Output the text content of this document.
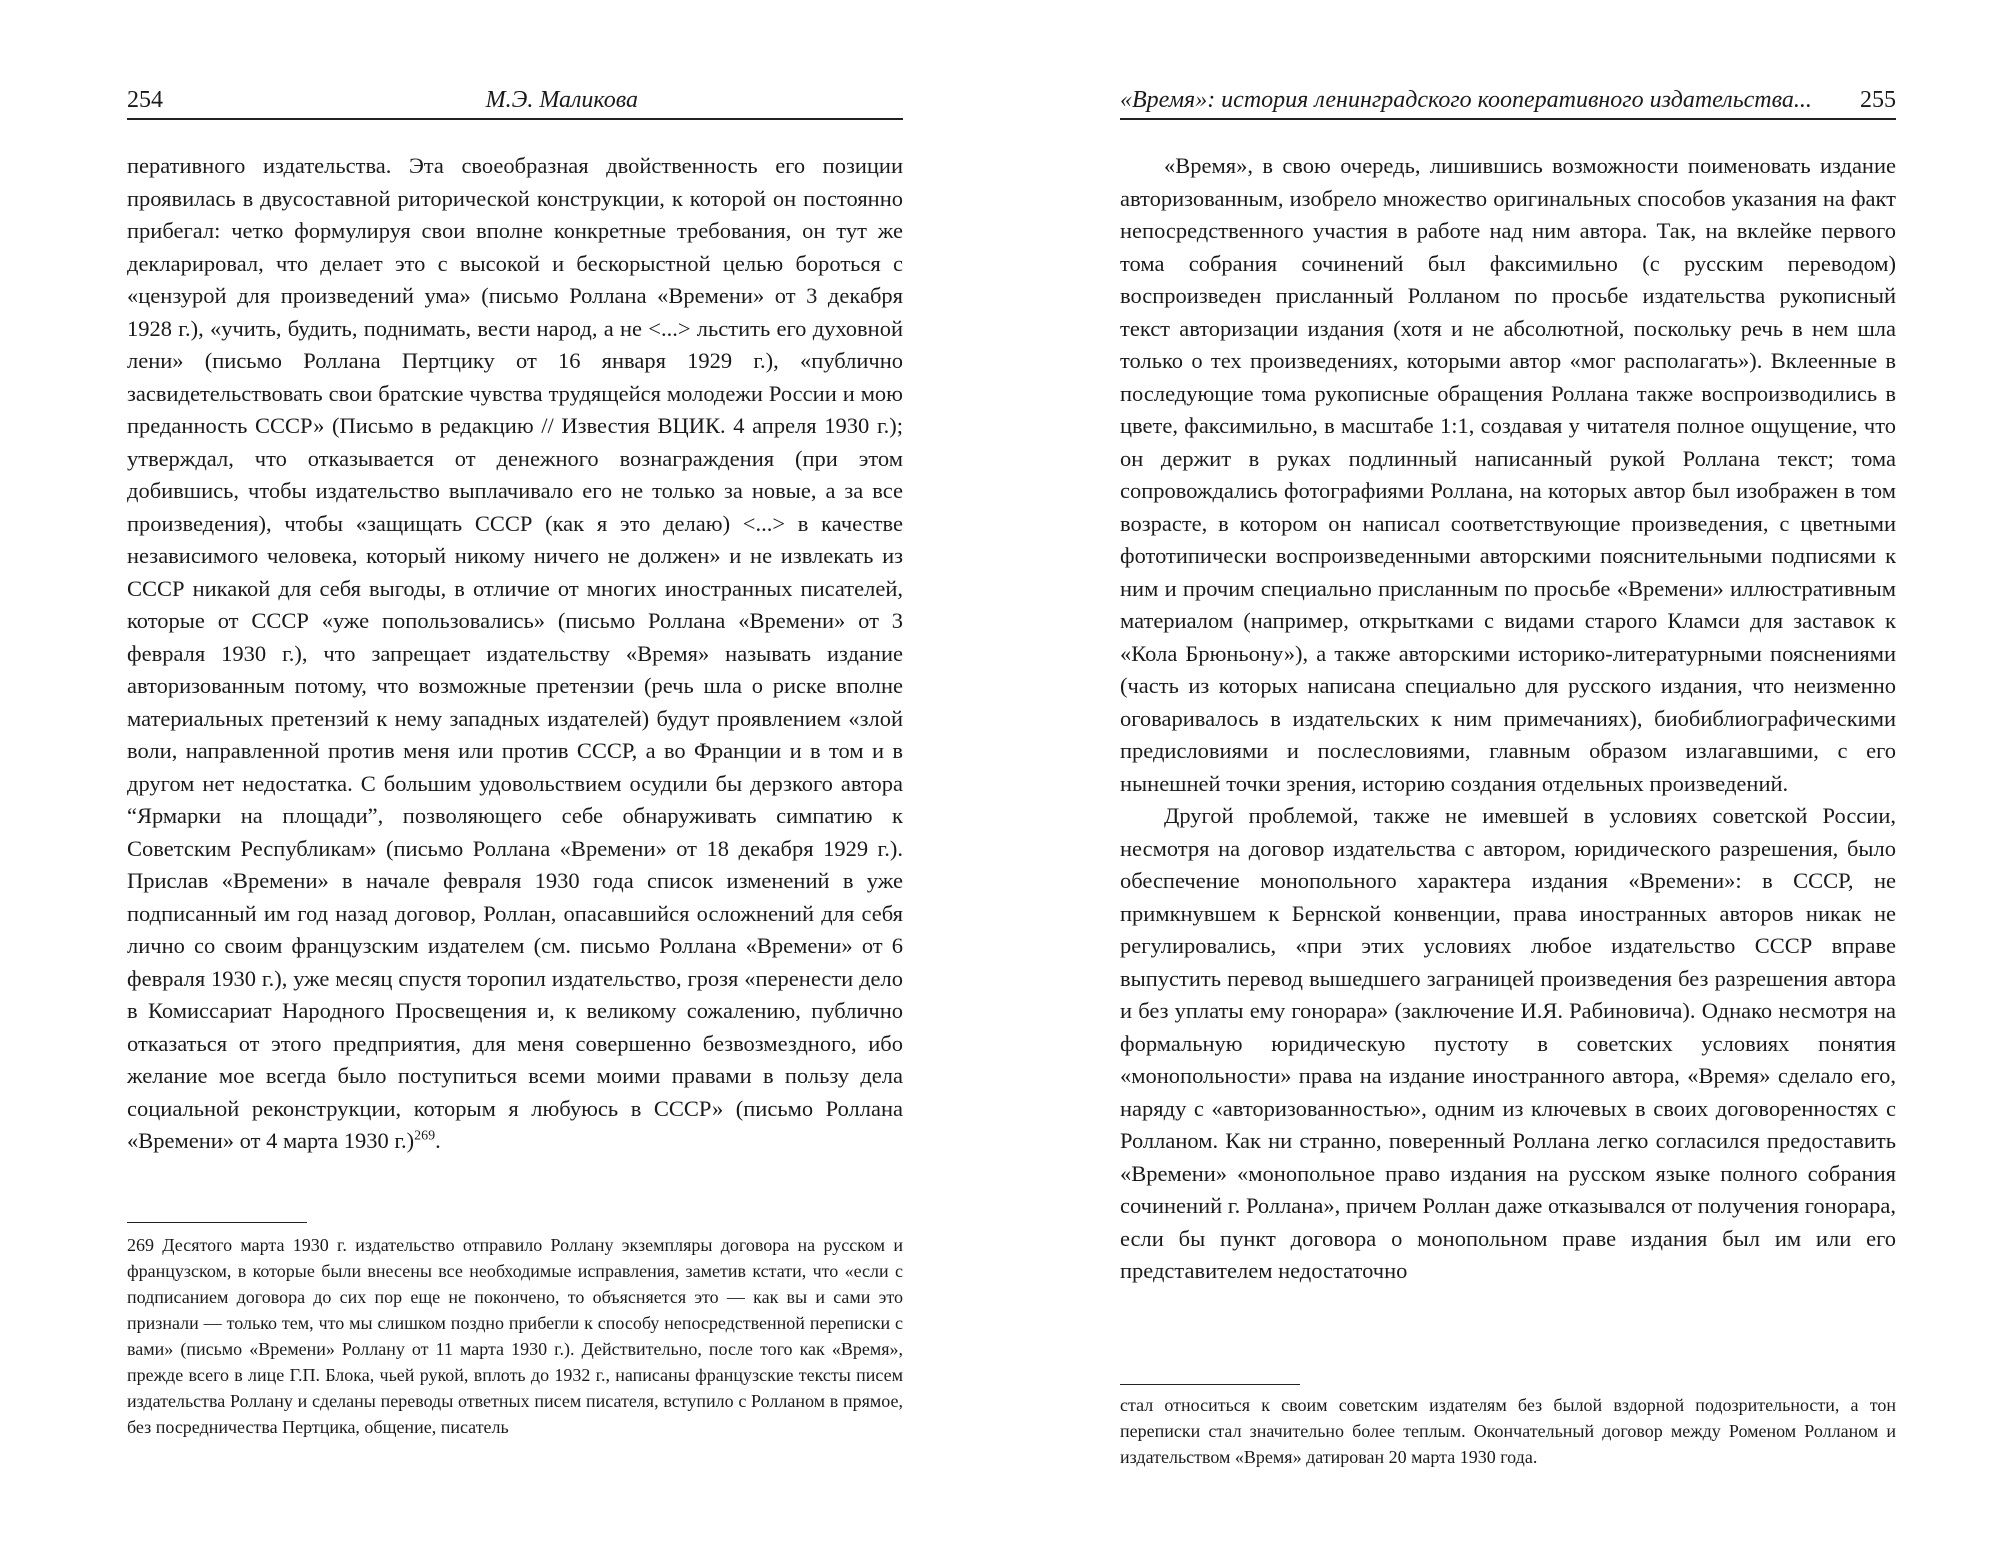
254	М.Э. Маликова

перативного издательства. Эта своеобразная двойственность его позиции проявилась в двусоставной риторической конструкции, к которой он постоянно прибегал: четко формулируя свои вполне конкретные требования, он тут же декларировал, что делает это с высокой и бескорыстной целью бороться с «цензурой для произведений ума» (письмо Роллана «Времени» от 3 декабря 1928 г.), «учить, будить, поднимать, вести народ, а не <...> льстить его духовной лени» (письмо Роллана Пертцику от 16 января 1929 г.), «публично засвидетельствовать свои братские чувства трудящейся молодежи России и мою преданность СССР» (Письмо в редакцию // Известия ВЦИК. 4 апреля 1930 г.); утверждал, что отказывается от денежного вознаграждения (при этом добившись, чтобы издательство выплачивало его не только за новые, а за все произведения), чтобы «защищать СССР (как я это делаю) <...> в качестве независимого человека, который никому ничего не должен» и не извлекать из СССР никакой для себя выгоды, в отличие от многих иностранных писателей, которые от СССР «уже попользовались» (письмо Роллана «Времени» от 3 февраля 1930 г.), что запрещает издательству «Время» называть издание авторизованным потому, что возможные претензии (речь шла о риске вполне материальных претензий к нему западных издателей) будут проявлением «злой воли, направленной против меня или против СССР, а во Франции и в том и в другом нет недостатка. С большим удовольствием осудили бы дерзкого автора “Ярмарки на площади”, позволяющего себе обнаруживать симпатию к Советским Республикам» (письмо Роллана «Времени» от 18 декабря 1929 г.). Прислав «Времени» в начале февраля 1930 года список изменений в уже подписанный им год назад договор, Роллан, опасавшийся осложнений для себя лично со своим французским издателем (см. письмо Роллана «Времени» от 6 февраля 1930 г.), уже месяц спустя торопил издательство, грозя «перенести дело в Комиссариат Народного Просвещения и, к великому сожалению, публично отказаться от этого предприятия, для меня совершенно безвозмездного, ибо желание мое всегда было поступиться всеми моими правами в пользу дела социальной реконструкции, которым я любуюсь в СССР» (письмо Роллана «Времени» от 4 марта 1930 г.)$^{269}$.

269 Десятого марта 1930 г. издательство отправило Роллану экземпляры договора на русском и французском, в которые были внесены все необходимые исправления, заметив кстати, что «если с подписанием договора до сих пор еще не покончено, то объясняется это — как вы и сами это признали — только тем, что мы слишком поздно прибегли к способу непосредственной переписки с вами» (письмо «Времени» Роллану от 11 марта 1930 г.). Действительно, после того как «Время», прежде всего в лице Г.П. Блока, чьей рукой, вплоть до 1932 г., написаны французские тексты писем издательства Роллану и сделаны переводы ответных писем писателя, вступило с Ролланом в прямое, без посредничества Пертцика, общение, писатель

«Время»: история ленинградского кооперативного издательства... 255

«Время», в свою очередь, лишившись возможности поименовать издание авторизованным, изобрело множество оригинальных способов указания на факт непосредственного участия в работе над ним автора. Так, на вклейке первого тома собрания сочинений был факсимильно (с русским переводом) воспроизведен присланный Ролланом по просьбе издательства рукописный текст авторизации издания (хотя и не абсолютной, поскольку речь в нем шла только о тех произведениях, которыми автор «мог располагать»). Вклеенные в последующие тома рукописные обращения Роллана также воспроизводились в цвете, факсимильно, в масштабе 1:1, создавая у читателя полное ощущение, что он держит в руках подлинный написанный рукой Роллана текст; тома сопровождались фотографиями Роллана, на которых автор был изображен в том возрасте, в котором он написал соответствующие произведения, с цветными фототипически воспроизведенными авторскими пояснительными подписями к ним и прочим специально присланным по просьбе «Времени» иллюстративным материалом (например, открытками с видами старого Кламси для заставок к «Кола Брюньону»), а также авторскими историко-литературными пояснениями (часть из которых написана специально для русского издания, что неизменно оговаривалось в издательских к ним примечаниях), биобиблиографическими предисловиями и послесловиями, главным образом излагавшими, с его нынешней точки зрения, историю создания отдельных произведений.

Другой проблемой, также не имевшей в условиях советской России, несмотря на договор издательства с автором, юридического разрешения, было обеспечение монопольного характера издания «Времени»: в СССР, не примкнувшем к Бернской конвенции, права иностранных авторов никак не регулировались, «при этих условиях любое издательство СССР вправе выпустить перевод вышедшего заграницей произведения без разрешения автора и без уплаты ему гонорара» (заключение И.Я. Рабиновича). Однако несмотря на формальную юридическую пустоту в советских условиях понятия «монопольности» права на издание иностранного автора, «Время» сделало его, наряду с «авторизованностью», одним из ключевых в своих договоренностях с Ролланом. Как ни странно, поверенный Роллана легко согласился предоставить «Времени» «монопольное право издания на русском языке полного собрания сочинений г. Роллана», причем Роллан даже отказывался от получения гонорара, если бы пункт договора о монопольном праве издания был им или его представителем недостаточно

стал относиться к своим советским издателям без былой вздорной подозрительности, а тон переписки стал значительно более теплым. Окончательный договор между Роменом Ролланом и издательством «Время» датирован 20 марта 1930 года.
